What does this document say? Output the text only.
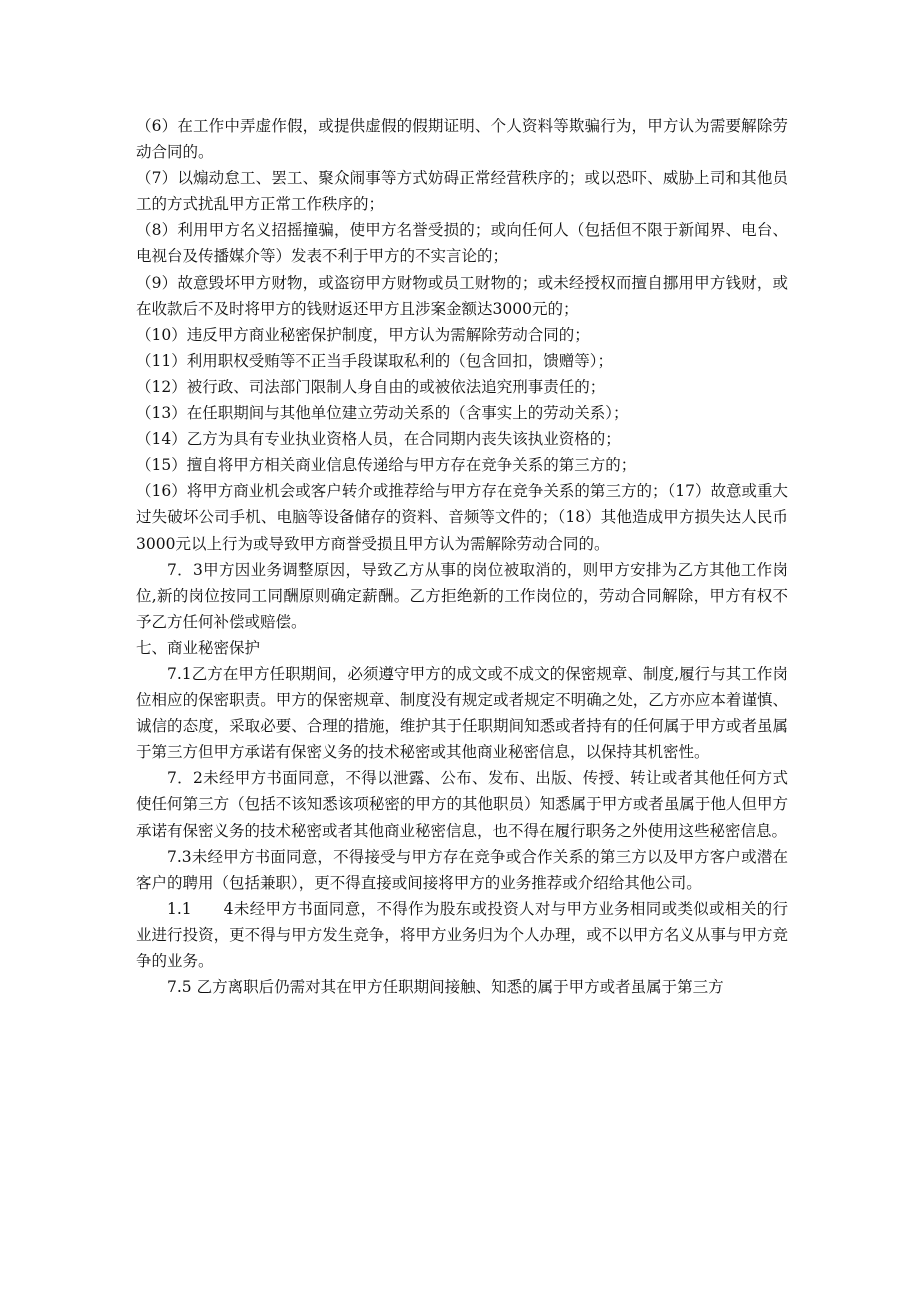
（6）在工作中弄虚作假，或提供虚假的假期证明、个人资料等欺骗行为，甲方认为需要解除劳动合同的。

（7）以煽动怠工、罢工、聚众闹事等方式妨碍正常经营秩序的；或以恐吓、威胁上司和其他员工的方式扰乱甲方正常工作秩序的；

（8）利用甲方名义招摇撞骗，使甲方名誉受损的；或向任何人（包括但不限于新闻界、电台、电视台及传播媒介等）发表不利于甲方的不实言论的；

（9）故意毁坏甲方财物，或盗窃甲方财物或员工财物的；或未经授权而擅自挪用甲方钱财，或在收款后不及时将甲方的钱财返还甲方且涉案金额达3000元的；

（10）违反甲方商业秘密保护制度，甲方认为需解除劳动合同的；

（11）利用职权受贿等不正当手段谋取私利的（包含回扣，馈赠等）；

（12）被行政、司法部门限制人身自由的或被依法追究刑事责任的；

（13）在任职期间与其他单位建立劳动关系的（含事实上的劳动关系）；

（14）乙方为具有专业执业资格人员，在合同期内丧失该执业资格的；

（15）擅自将甲方相关商业信息传递给与甲方存在竞争关系的第三方的；

（16）将甲方商业机会或客户转介或推荐给与甲方存在竞争关系的第三方的；（17）故意或重大过失破坏公司手机、电脑等设备储存的资料、音频等文件的；（18）其他造成甲方损失达人民币3000元以上行为或导致甲方商誉受损且甲方认为需解除劳动合同的。

7．3甲方因业务调整原因，导致乙方从事的岗位被取消的，则甲方安排为乙方其他工作岗位,新的岗位按同工同酬原则确定薪酬。乙方拒绝新的工作岗位的，劳动合同解除，甲方有权不予乙方任何补偿或赔偿。

七、商业秘密保护

7.1乙方在甲方任职期间，必须遵守甲方的成文或不成文的保密规章、制度,履行与其工作岗位相应的保密职责。甲方的保密规章、制度没有规定或者规定不明确之处，乙方亦应本着谨慎、诚信的态度，采取必要、合理的措施，维护其于任职期间知悉或者持有的任何属于甲方或者虽属于第三方但甲方承诺有保密义务的技术秘密或其他商业秘密信息，以保持其机密性。

7．2未经甲方书面同意，不得以泄露、公布、发布、出版、传授、转让或者其他任何方式使任何第三方（包括不该知悉该项秘密的甲方的其他职员）知悉属于甲方或者虽属于他人但甲方承诺有保密义务的技术秘密或者其他商业秘密信息，也不得在履行职务之外使用这些秘密信息。

7.3未经甲方书面同意，不得接受与甲方存在竞争或合作关系的第三方以及甲方客户或潜在客户的聘用（包括兼职），更不得直接或间接将甲方的业务推荐或介绍给其他公司。

1.1　　4未经甲方书面同意，不得作为股东或投资人对与甲方业务相同或类似或相关的行业进行投资，更不得与甲方发生竞争，将甲方业务归为个人办理，或不以甲方名义从事与甲方竞争的业务。

7.5 乙方离职后仍需对其在甲方任职期间接触、知悉的属于甲方或者虽属于第三方
